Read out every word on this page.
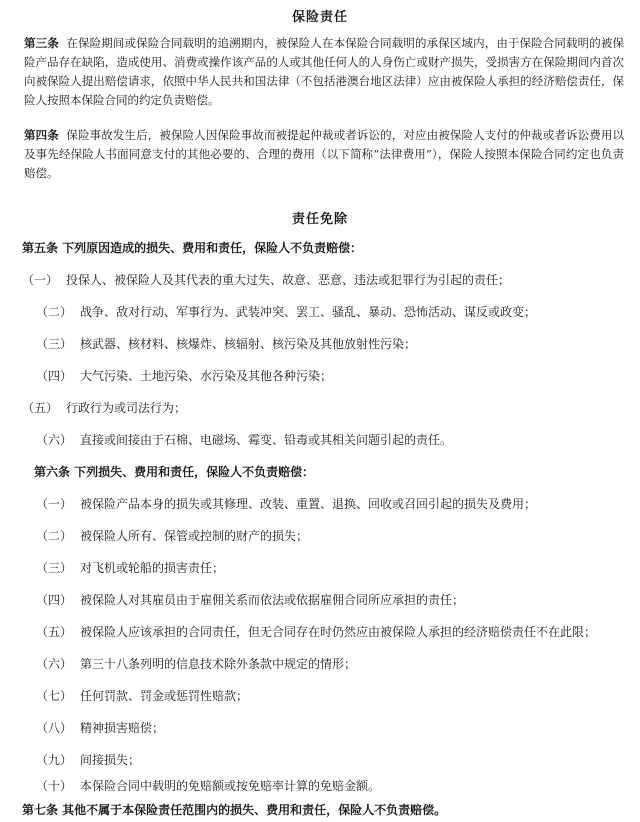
保险责任

第三条 在保险期间或保险合同载明的追溯期内，被保险人在本保险合同载明的承保区域内，由于保险合同载明的被保险产品存在缺陷，造成使用、消费或操作该产品的人或其他任何人的人身伤亡或财产损失，受损害方在保险期间内首次向被保险人提出赔偿请求，依照中华人民共和国法律（不包括港澳台地区法律）应由被保险人承担的经济赔偿责任，保险人按照本保险合同的约定负责赔偿。

第四条 保险事故发生后，被保险人因保险事故而被提起仲裁或者诉讼的，对应由被保险人支付的仲裁或者诉讼费用以及事先经保险人书面同意支付的其他必要的、合理的费用（以下简称“法律费用”），保险人按照本保险合同约定也负责赔偿。

责任免除
第五条 下列原因造成的损失、费用和责任，保险人不负责赔偿：
（一） 投保人、被保险人及其代表的重大过失、故意、恶意、违法或犯罪行为引起的责任；
（二） 战争、敌对行动、军事行为、武装冲突、罢工、骚乱、暴动、恐怖活动、谋反或政变；
（三） 核武器、核材料、核爆炸、核辐射、核污染及其他放射性污染；
（四） 大气污染、土地污染、水污染及其他各种污染；
（五） 行政行为或司法行为；
（六） 直接或间接由于石棉、电磁场、霉变、铅毒或其相关问题引起的责任。
第六条 下列损失、费用和责任，保险人不负责赔偿：
（一） 被保险产品本身的损失或其修理、改装、重置、退换、回收或召回引起的损失及费用；
（二） 被保险人所有、保管或控制的财产的损失；
（三） 对飞机或轮船的损害责任；
（四） 被保险人对其雇员由于雇佣关系而依法或依据雇佣合同所应承担的责任；
（五） 被保险人应该承担的合同责任，但无合同存在时仍然应由被保险人承担的经济赔偿责任不在此限；
（六） 第三十八条列明的信息技术除外条款中规定的情形；
（七） 任何罚款、罚金或惩罚性赔款；
（八） 精神损害赔偿；
（九） 间接损失；
（十） 本保险合同中载明的免赔额或按免赔率计算的免赔金额。
第七条 其他不属于本保险责任范围内的损失、费用和责任，保险人不负责赔偿。
